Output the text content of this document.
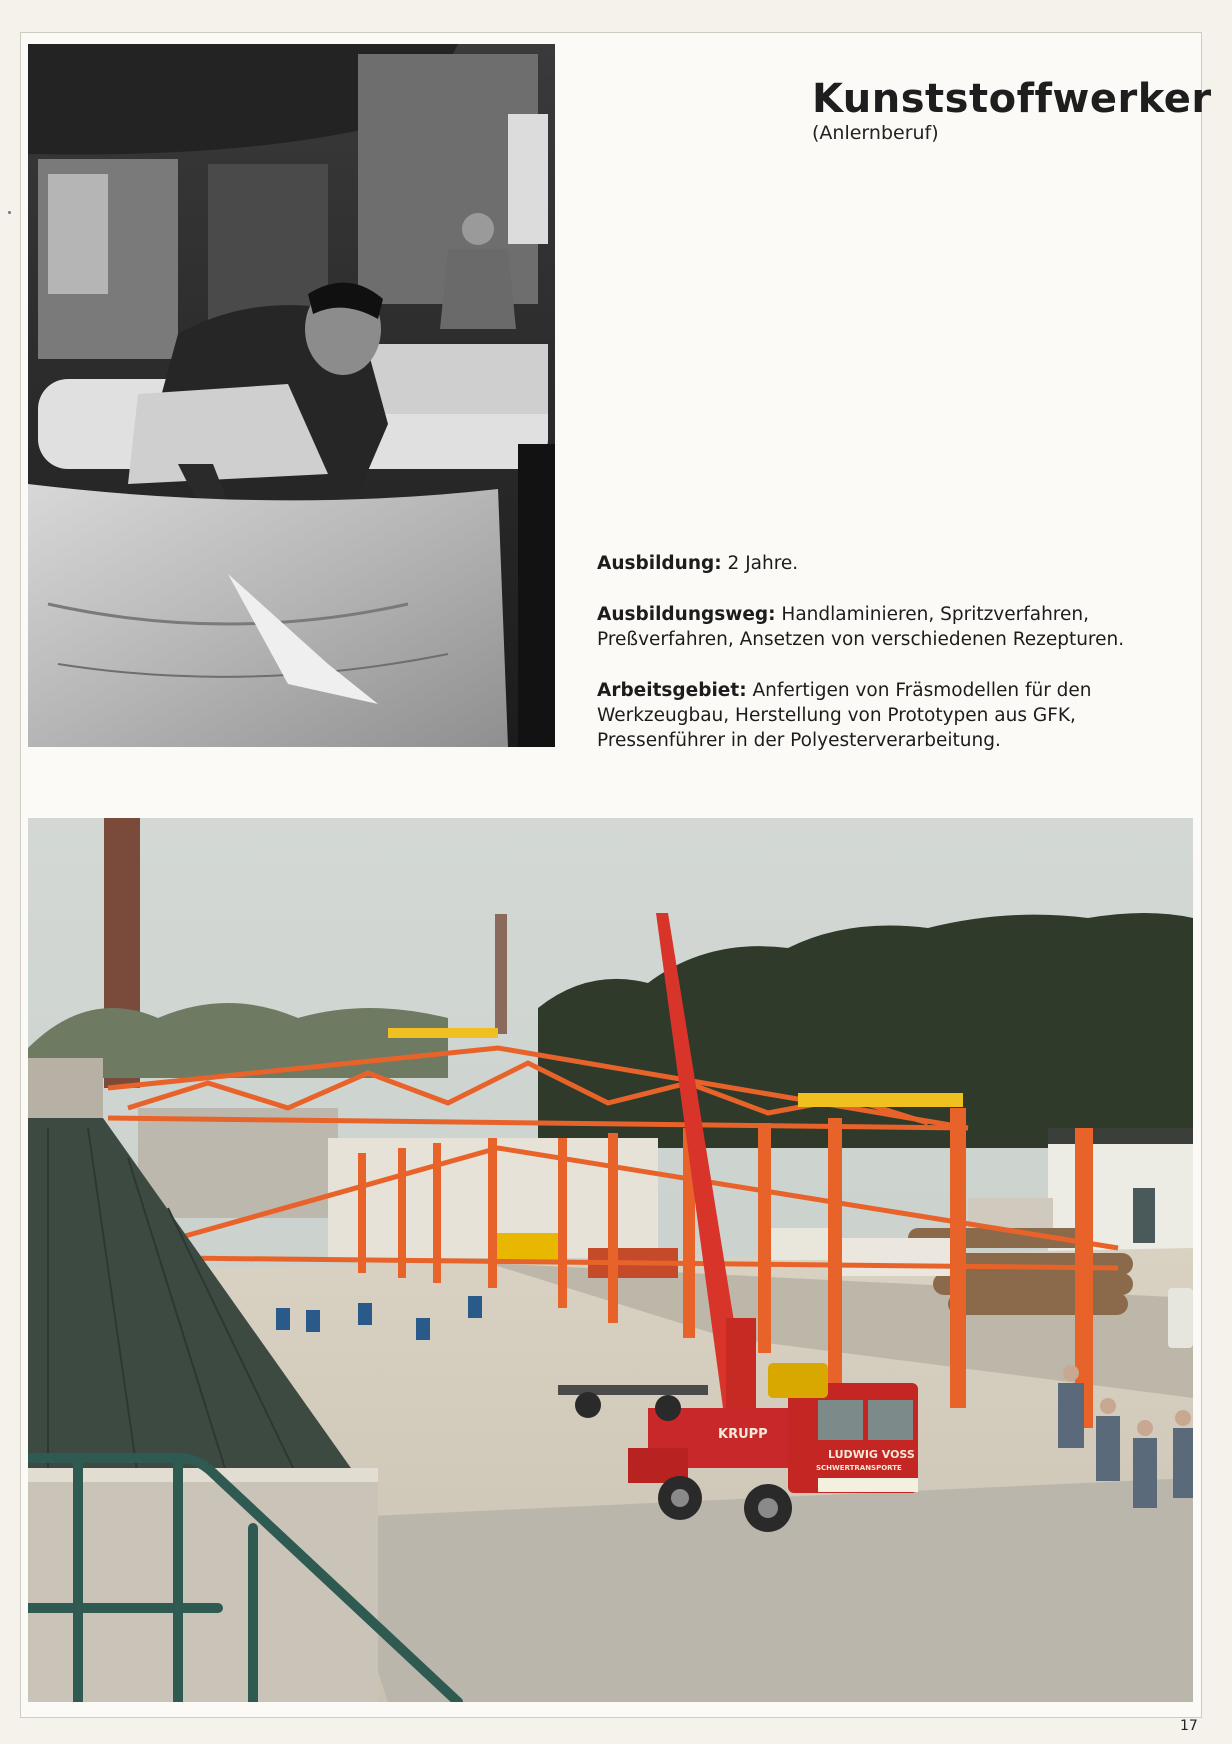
Kunststoffwerker
(Anlernberuf)
Ausbildung: 2 Jahre.
Ausbildungsweg: Handlaminieren, Spritzverfahren, Preßverfahren, Ansetzen von verschiedenen Rezepturen.
Arbeitsgebiet: Anfertigen von Fräsmodellen für den Werkzeugbau, Herstellung von Prototypen aus GFK, Pressenführer in der Polyesterverarbeitung.
KRUPP
LUDWIG VOSS
SCHWERTRANSPORTE
17
